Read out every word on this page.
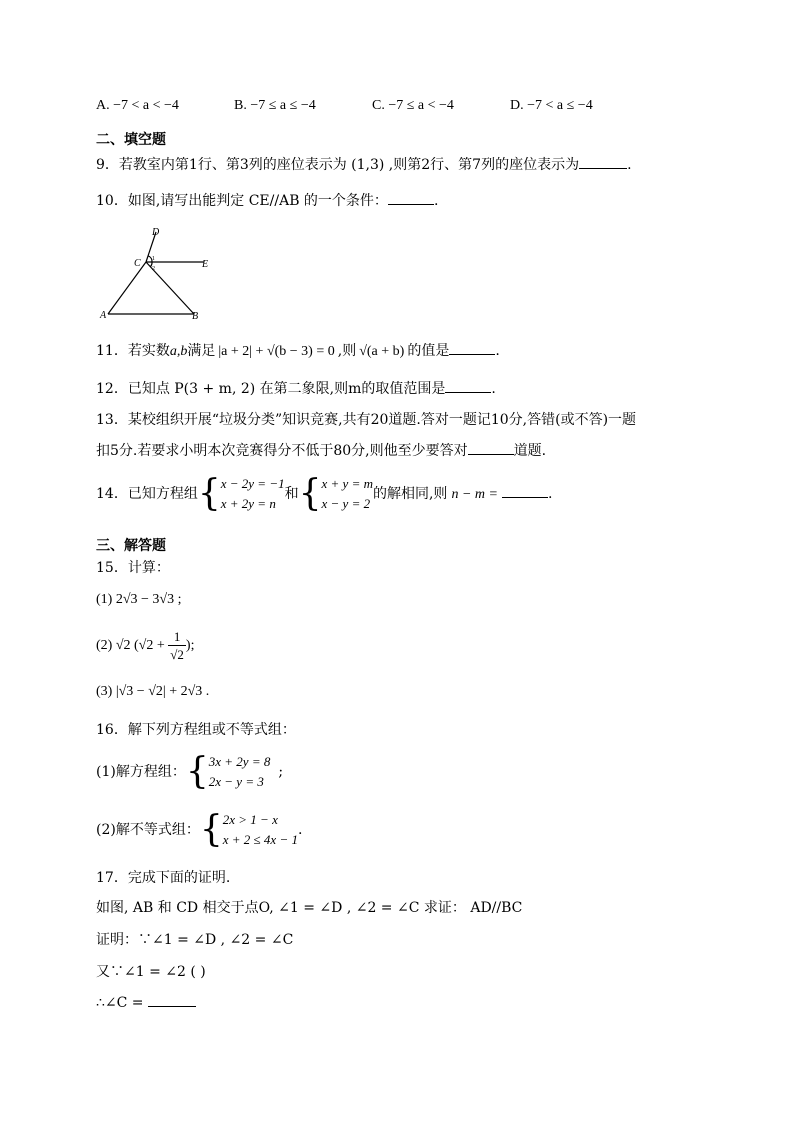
A. −7 < a < −4	B. −7 ≤ a ≤ −4	C. −7 ≤ a < −4	D. −7 < a ≤ −4
二、填空题
9．若教室内第1行、第3列的座位表示为 (1,3) ,则第2行、第7列的座位表示为	.
10．如图,请写出能判定 CE//AB 的一个条件：	.
D
C	E
A	B
1
2
11．若实数a,b满足 |a + 2| + √(b − 3) = 0 ,则 √(a + b) 的值是	.
12．已知点 P(3 + m, 2) 在第二象限,则m的取值范围是	.
13．某校组织开展“垃圾分类”知识竞赛,共有20道题.答对一题记10分,答错(或不答)一题
扣5分.若要求小明本次竞赛得分不低于80分,则他至少要答对	道题.
14．已知方程组{ x − 2y = −1
x + 2y = n
和{ x + y = m
x − y = 2
的解相同,则 n − m =	.
三、解答题
15．计算：
(1) 2√3 − 3√3 ;
(2) √2 ($√2 + \frac{1}{√2}$ );
(3) |√3 − √2| + 2√3 .
16．解下列方程组或不等式组：
(1)解方程组：{ 3x + 2y = 8
2x − y = 3
;
(2)解不等式组：{ 2x > 1 − x
x + 2 ≤ 4x − 1
.
17．完成下面的证明.
如图, AB 和 CD 相交于点O, ∠1 = ∠D , ∠2 = ∠C 求证： AD//BC
证明：∵∠1 = ∠D , ∠2 = ∠C
又∵∠1 = ∠2 ( )
∴∠C =
